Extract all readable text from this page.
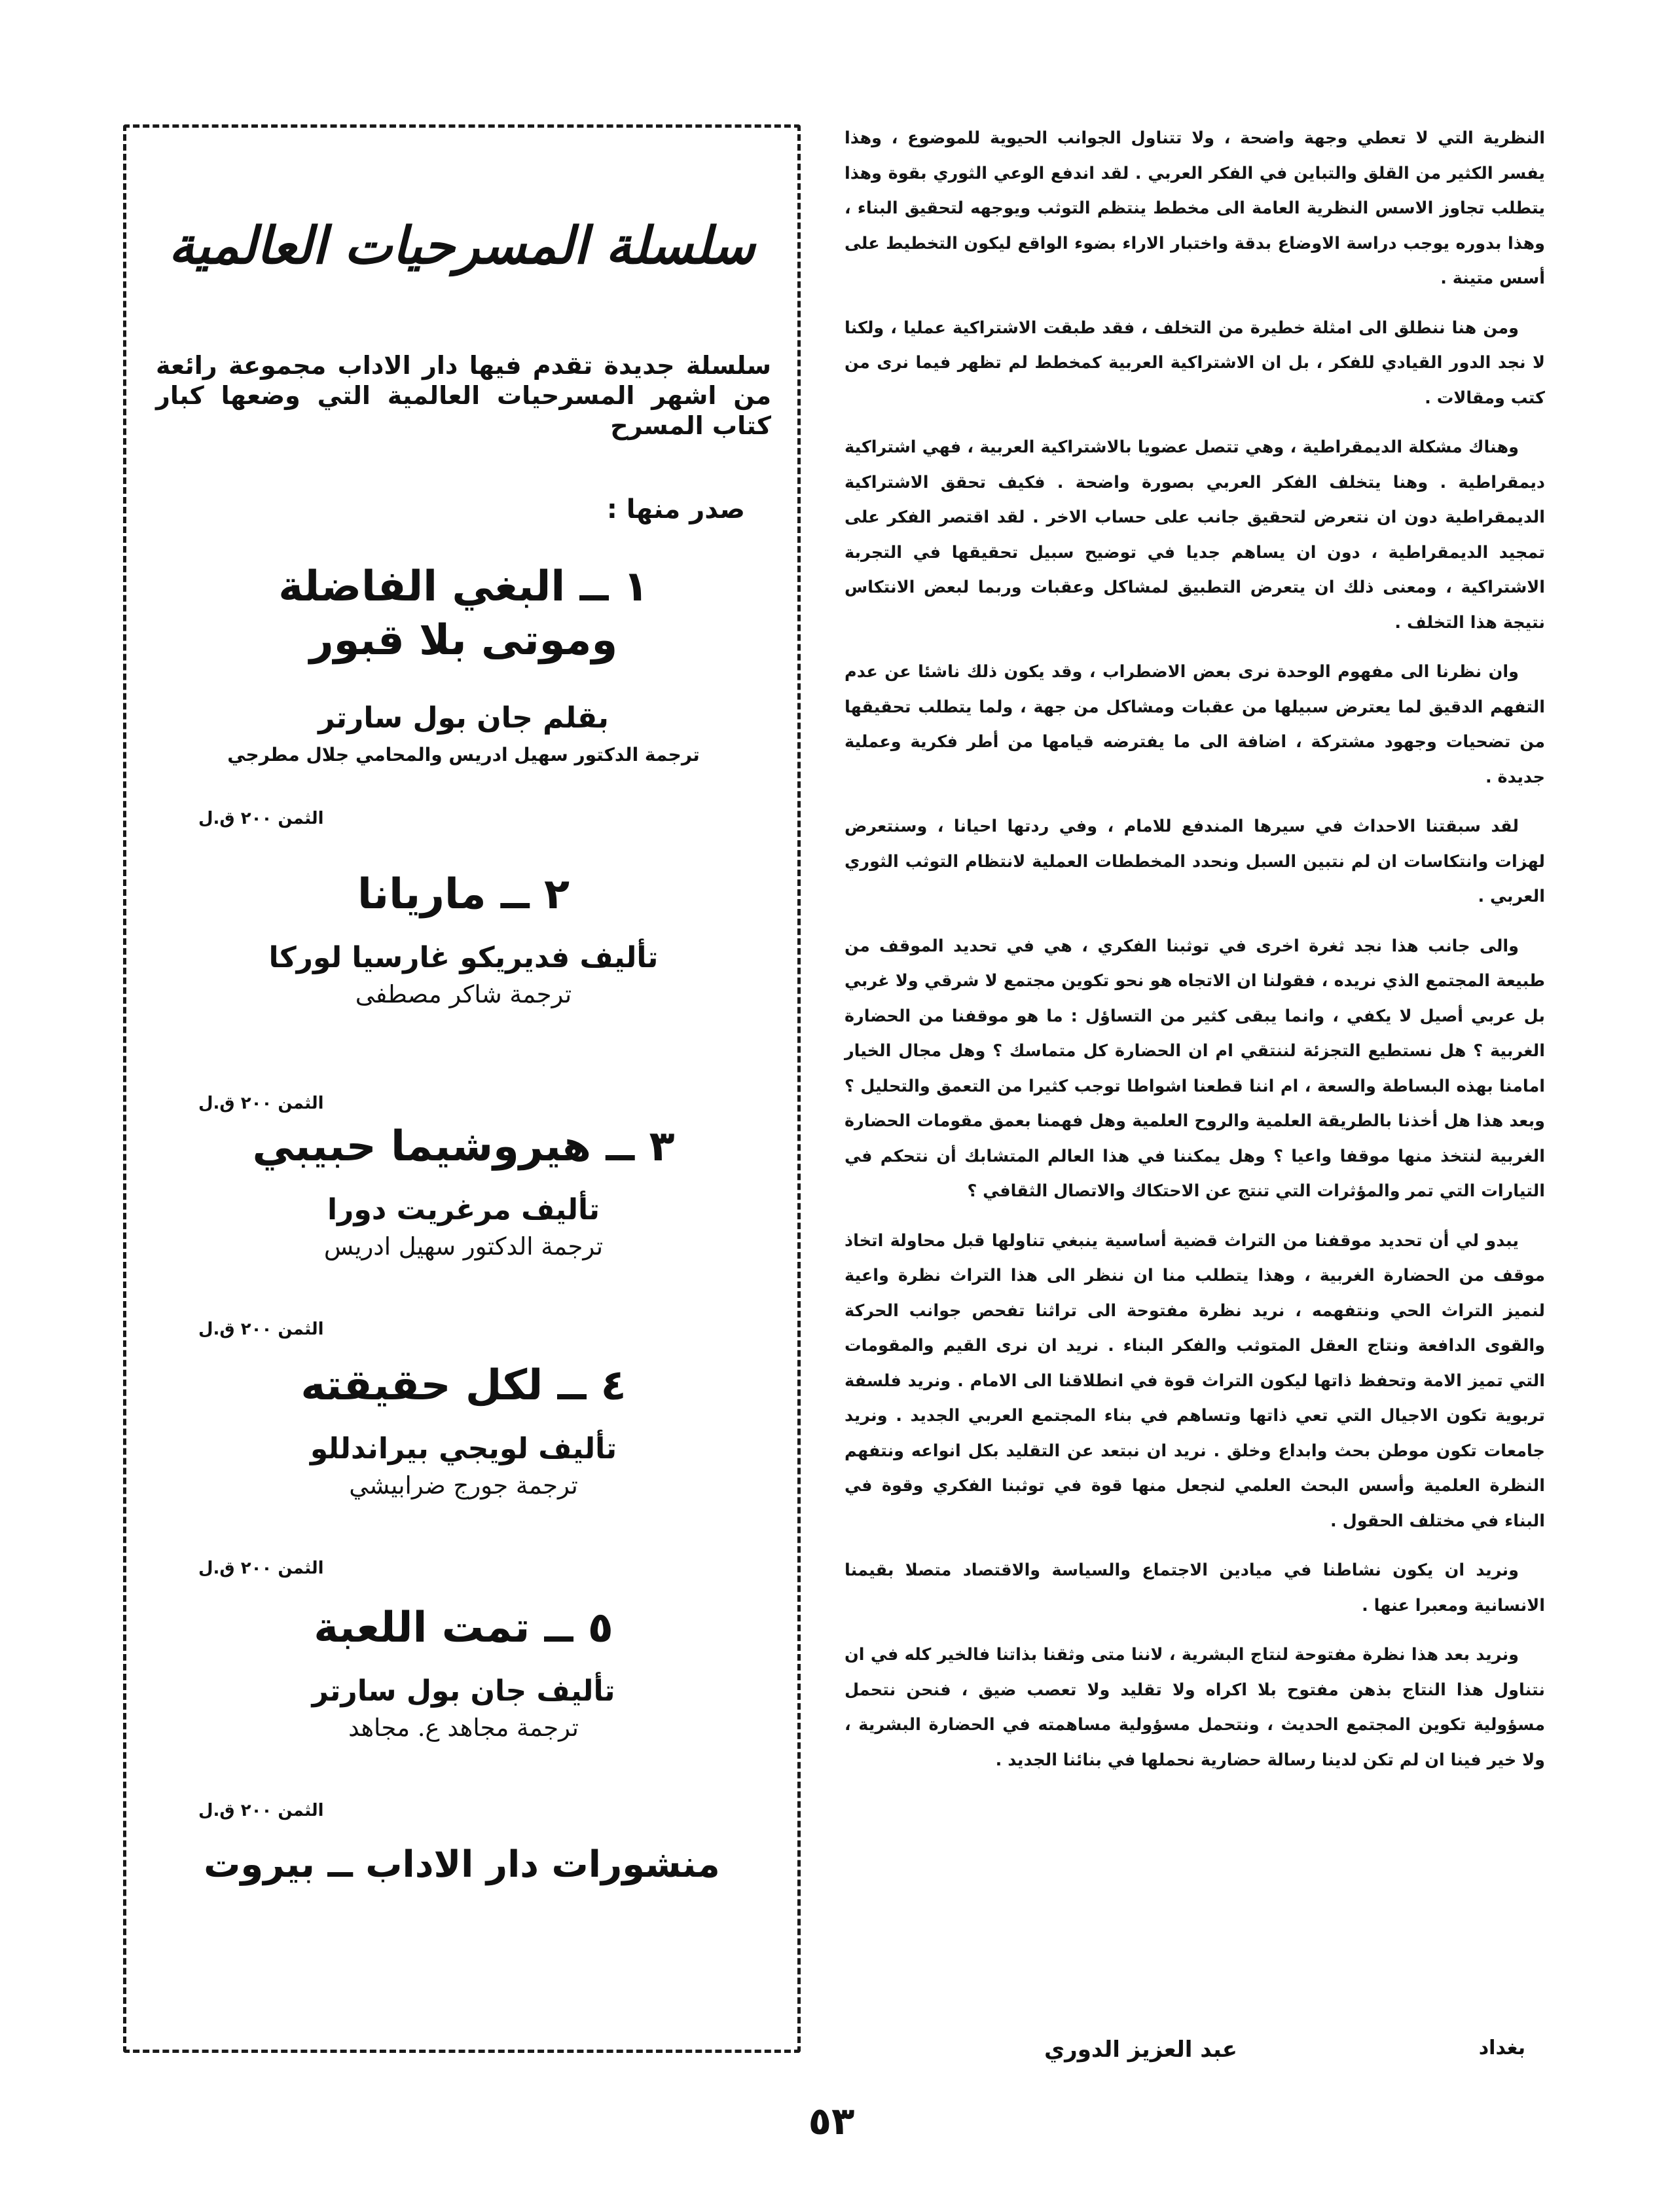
النظرية التي لا تعطي وجهة واضحة ، ولا تتناول الجوانب الحيوية للموضوع ، وهذا يفسر الكثير من القلق والتباين في الفكر العربي . لقد اندفع الوعي الثوري بقوة وهذا يتطلب تجاوز الاسس النظرية العامة الى مخطط ينتظم التوثب ويوجهه لتحقيق البناء ، وهذا بدوره يوجب دراسة الاوضاع بدقة واختبار الاراء بضوء الواقع ليكون التخطيط على أسس متينة .

ومن هنا ننطلق الى امثلة خطيرة من التخلف ، فقد طبقت الاشتراكية عمليا ، ولكنا لا نجد الدور القيادي للفكر ، بل ان الاشتراكية العربية كمخطط لم تظهر فيما نرى من كتب ومقالات .

وهناك مشكلة الديمقراطية ، وهي تتصل عضويا بالاشتراكية العربية ، فهي اشتراكية ديمقراطية . وهنا يتخلف الفكر العربي بصورة واضحة . فكيف تحقق الاشتراكية الديمقراطية دون ان نتعرض لتحقيق جانب على حساب الاخر . لقد اقتصر الفكر على تمجيد الديمقراطية ، دون ان يساهم جديا في توضيح سبيل تحقيقها في التجربة الاشتراكية ، ومعنى ذلك ان يتعرض التطبيق لمشاكل وعقبات وربما لبعض الانتكاس نتيجة هذا التخلف .

وان نظرنا الى مفهوم الوحدة نرى بعض الاضطراب ، وقد يكون ذلك ناشئا عن عدم التفهم الدقيق لما يعترض سبيلها من عقبات ومشاكل من جهة ، ولما يتطلب تحقيقها من تضحيات وجهود مشتركة ، اضافة الى ما يفترضه قيامها من أطر فكرية وعملية جديدة .

لقد سبقتنا الاحداث في سيرها المندفع للامام ، وفي ردتها احيانا ، وسنتعرض لهزات وانتكاسات ان لم نتبين السبل ونحدد المخططات العملية لانتظام التوثب الثوري العربي .

والى جانب هذا نجد ثغرة اخرى في توثبنا الفكري ، هي في تحديد الموقف من طبيعة المجتمع الذي نريده ، فقولنا ان الاتجاه هو نحو تكوين مجتمع لا شرقي ولا غربي بل عربي أصيل لا يكفي ، وانما يبقى كثير من التساؤل : ما هو موقفنا من الحضارة الغربية ؟ هل نستطيع التجزئة لننتقي ام ان الحضارة كل متماسك ؟ وهل مجال الخيار امامنا بهذه البساطة والسعة ، ام اننا قطعنا اشواطا توجب كثيرا من التعمق والتحليل ؟ وبعد هذا هل أخذنا بالطريقة العلمية والروح العلمية وهل فهمنا بعمق مقومات الحضارة الغربية لنتخذ منها موقفا واعيا ؟ وهل يمكننا في هذا العالم المتشابك أن نتحكم في التيارات التي تمر والمؤثرات التي تنتج عن الاحتكاك والاتصال الثقافي ؟

يبدو لي أن تحديد موقفنا من التراث قضية أساسية ينبغي تناولها قبل محاولة اتخاذ موقف من الحضارة الغربية ، وهذا يتطلب منا ان ننظر الى هذا التراث نظرة واعية لنميز التراث الحي ونتفهمه ، نريد نظرة مفتوحة الى تراثنا تفحص جوانب الحركة والقوى الدافعة ونتاج العقل المتوثب والفكر البناء . نريد ان نرى القيم والمقومات التي تميز الامة وتحفظ ذاتها ليكون التراث قوة في انطلاقنا الى الامام . ونريد فلسفة تربوية تكون الاجيال التي تعي ذاتها وتساهم في بناء المجتمع العربي الجديد . ونريد جامعات تكون موطن بحث وابداع وخلق . نريد ان نبتعد عن التقليد بكل انواعه ونتفهم النظرة العلمية وأسس البحث العلمي لنجعل منها قوة في توثبنا الفكري وقوة في البناء في مختلف الحقول .

ونريد ان يكون نشاطنا في ميادين الاجتماع والسياسة والاقتصاد متصلا بقيمنا الانسانية ومعبرا عنها .

ونريد بعد هذا نظرة مفتوحة لنتاج البشرية ، لاننا متى وثقنا بذاتنا فالخير كله في ان نتناول هذا النتاج بذهن مفتوح بلا اكراه ولا تقليد ولا تعصب ضيق ، فنحن نتحمل مسؤولية تكوين المجتمع الحديث ، ونتحمل مسؤولية مساهمته في الحضارة البشرية ، ولا خير فينا ان لم تكن لدينا رسالة حضارية نحملها في بنائنا الجديد .

بغداد
عبد العزيز الدوري
٥٣
سلسلة المسرحيات العالمية
سلسلة جديدة تقدم فيها دار الاداب مجموعة رائعة من اشهر المسرحيات العالمية التي وضعها كبار كتاب المسرح
صدر منها :
١ ــ البغي الفاضلة
وموتى بلا قبور
بقلم جان بول سارتر
ترجمة الدكتور سهيل ادريس والمحامي جلال مطرجي
الثمن ٢٠٠ ق.ل
٢ ــ ماريانا
تأليف فديريكو غارسيا لوركا
ترجمة شاكر مصطفى
الثمن ٢٠٠ ق.ل
٣ ــ هيروشيما حبيبي
تأليف مرغريت دورا
ترجمة الدكتور سهيل ادريس
الثمن ٢٠٠ ق.ل
٤ ــ لكل حقيقته
تأليف لويجي بيراندللو
ترجمة جورج ضرابيشي
الثمن ٢٠٠ ق.ل
٥ ــ تمت اللعبة
تأليف جان بول سارتر
ترجمة مجاهد ع. مجاهد
الثمن ٢٠٠ ق.ل
منشورات دار الاداب ــ بيروت
